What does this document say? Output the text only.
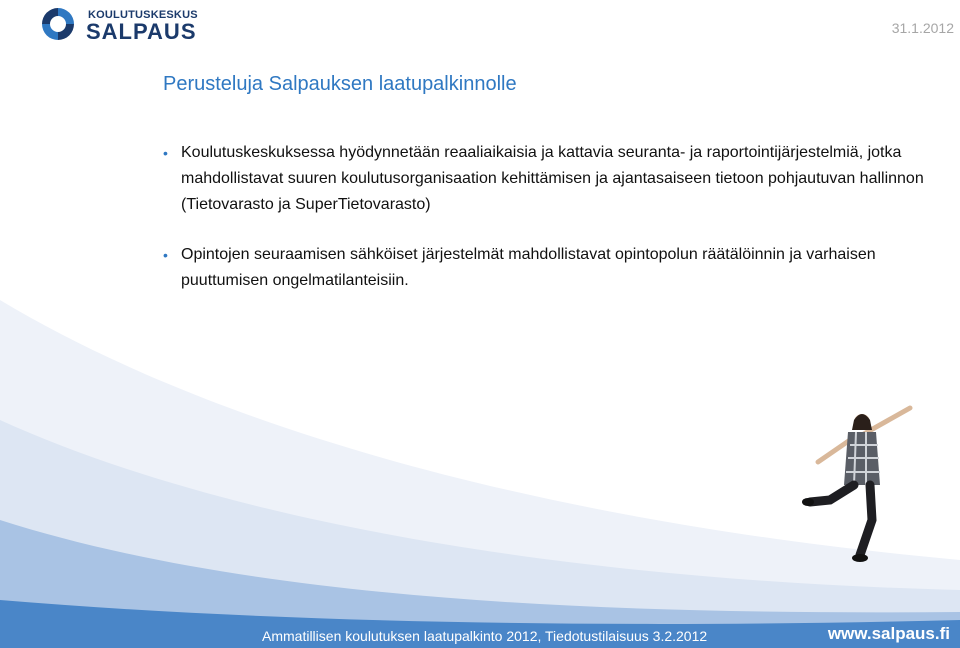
KOULUTUSKESKUS
SALPAUS	31.1.2012
Perusteluja Salpauksen laatupalkinnolle
• Koulutuskeskuksessa hyödynnetään reaaliaikaisia ja kattavia seuranta- ja raportointijärjestelmiä, jotka mahdollistavat suuren koulutusorganisaation kehittämisen ja ajantasaiseen tietoon pohjautuvan hallinnon (Tietovarasto ja SuperTietovarasto)
• Opintojen seuraamisen sähköiset järjestelmät mahdollistavat opintopolun räätälöinnin ja varhaisen puuttumisen ongelmatilanteisiin.
Ammatillisen koulutuksen laatupalkinto 2012, Tiedotustilaisuus 3.2.2012	www.salpaus.fi
